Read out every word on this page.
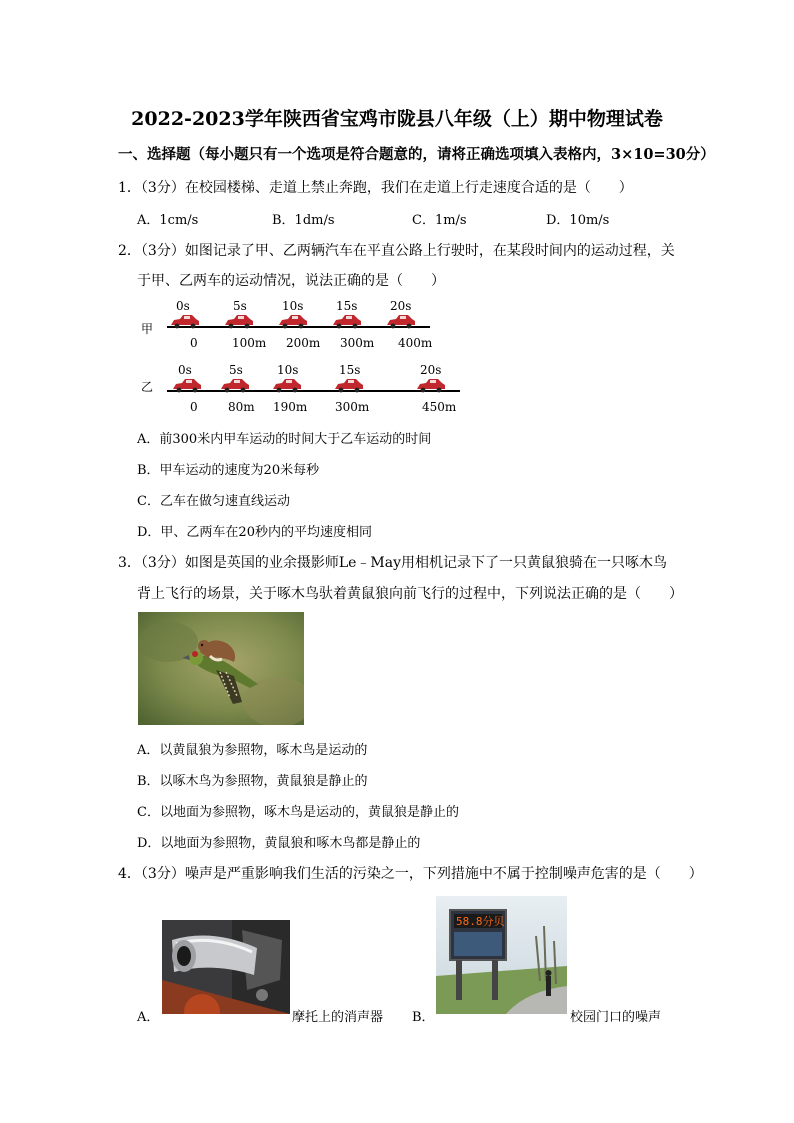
2022-2023学年陕西省宝鸡市陇县八年级（上）期中物理试卷
一、选择题（每小题只有一个选项是符合题意的，请将正确选项填入表格内，3×10=30分）
1．（3分）在校园楼梯、走道上禁止奔跑，我们在走道上行走速度合适的是（　　）
A．1cm/s	B．1dm/s	C．1m/s	D．10m/s
2．（3分）如图记录了甲、乙两辆汽车在平直公路上行驶时，在某段时间内的运动过程，关
于甲、乙两车的运动情况，说法正确的是（　　）
甲
0s	5s	10s	15s	20s
0	100m 200m 300m 400m
乙
0s	5s	10s	15s	20s
0	80m 190m 300m	450m
A．前300米内甲车运动的时间大于乙车运动的时间
B．甲车运动的速度为20米每秒
C．乙车在做匀速直线运动
D．甲、乙两车在20秒内的平均速度相同
3．（3分）如图是英国的业余摄影师Le﹣May用相机记录下了一只黄鼠狼骑在一只啄木鸟
背上飞行的场景，关于啄木鸟驮着黄鼠狼向前飞行的过程中，下列说法正确的是（　　）
A．以黄鼠狼为参照物，啄木鸟是运动的
B．以啄木鸟为参照物，黄鼠狼是静止的
C．以地面为参照物，啄木鸟是运动的，黄鼠狼是静止的
D．以地面为参照物，黄鼠狼和啄木鸟都是静止的
4．（3分）噪声是严重影响我们生活的污染之一，下列措施中不属于控制噪声危害的是（　　）
A．	摩托上的消声器 B．
58.8分贝
校园门口的噪声
